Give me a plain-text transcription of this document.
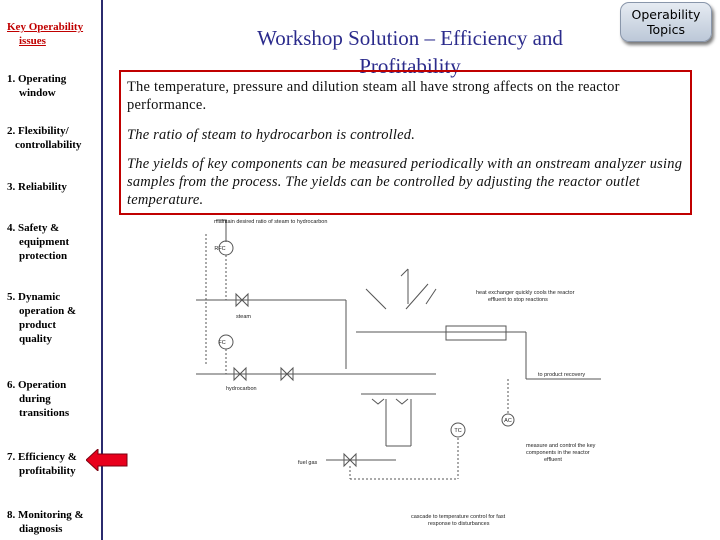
Key Operability
issues
1. Operating
window
2. Flexibility/
controllability
3. Reliability
4. Safety &
equipment
protection
5. Dynamic
operation &
product
quality
6. Operation
during
transitions
7. Efficiency &
profitability
8. Monitoring &
diagnosis
Workshop Solution – Efficiency and
Profitability
Operability
Topics

The temperature, pressure and dilution steam all have strong affects on the reactor performance.

The ratio of steam to hydrocarbon is controlled.

The yields of key components can be measured periodically with an onstream analyzer using samples from the process. The yields can be controlled by adjusting the reactor outlet temperature.

maintain desired ratio of steam to hydrocarbon
RFC
steam
FC
hydrocarbon
heat exchanger quickly cools the reactor
effluent to stop reactions
to product recovery
AC
TC
measure and control the key
components in the reactor
effluent
fuel gas
cascade to temperature control for fast
response to disturbances
